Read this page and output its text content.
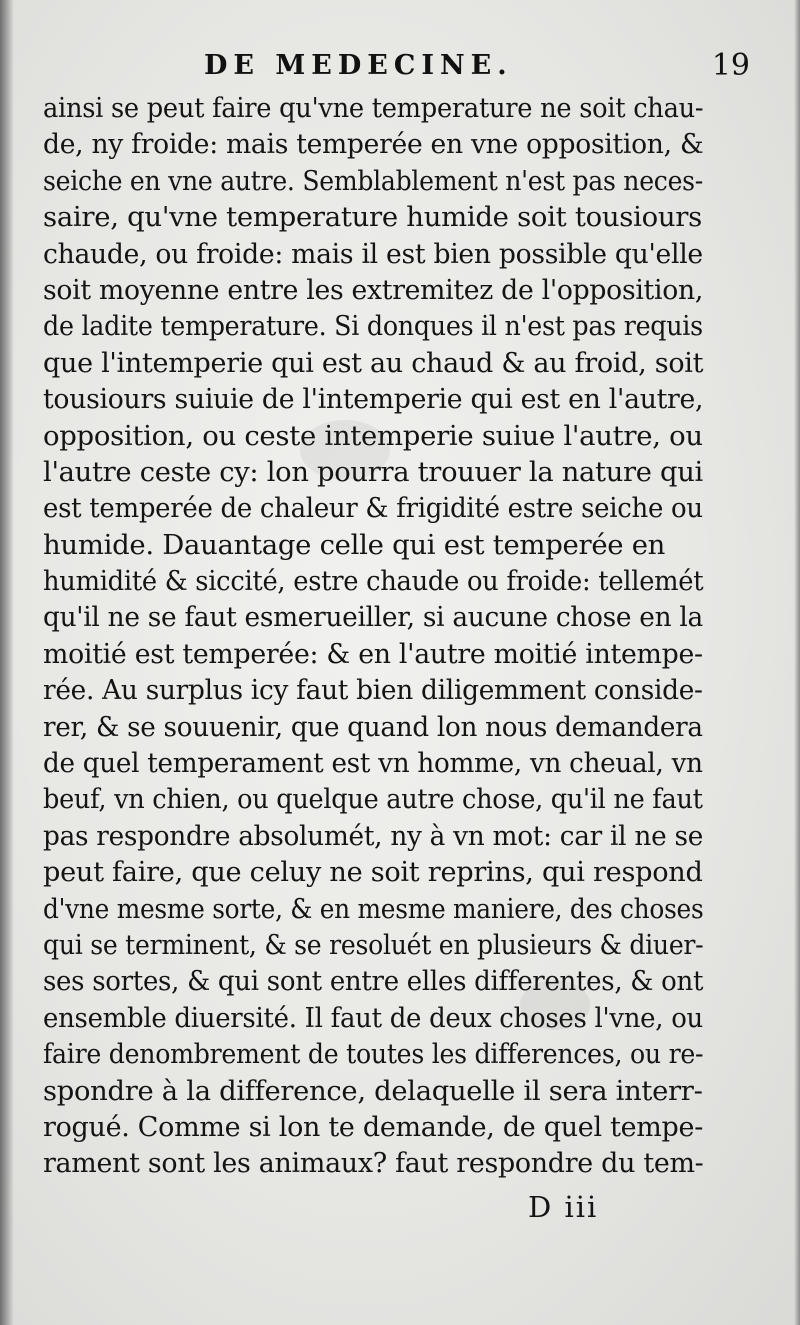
DE MEDECINE.	19
ainsi se peut faire qu'vne temperature ne soit chau-
de, ny froide: mais temperée en vne opposition, &
seiche en vne autre. Semblablement n'est pas neces-
saire, qu'vne temperature humide soit tousiours
chaude, ou froide: mais il est bien possible qu'elle
soit moyenne entre les extremitez de l'opposition,
de ladite temperature. Si donques il n'est pas requis
que l'intemperie qui est au chaud & au froid, soit
tousiours suiuie de l'intemperie qui est en l'autre,
opposition, ou ceste intemperie suiue l'autre, ou
l'autre ceste cy: lon pourra trouuer la nature qui
est temperée de chaleur & frigidité estre seiche ou
humide. Dauantage celle qui est temperée en
humidité & siccité, estre chaude ou froide: tellemét
qu'il ne se faut esmerueiller, si aucune chose en la
moitié est temperée: & en l'autre moitié intempe-
rée. Au surplus icy faut bien diligemment conside-
rer, & se souuenir, que quand lon nous demandera
de quel temperament est vn homme, vn cheual, vn
beuf, vn chien, ou quelque autre chose, qu'il ne faut
pas respondre absolumét, ny à vn mot: car il ne se
peut faire, que celuy ne soit reprins, qui respond
d'vne mesme sorte, & en mesme maniere, des choses
qui se terminent, & se resoluét en plusieurs & diuer-
ses sortes, & qui sont entre elles differentes, & ont
ensemble diuersité. Il faut de deux choses l'vne, ou
faire denombrement de toutes les differences, ou re-
spondre à la difference, delaquelle il sera interr-
rogué. Comme si lon te demande, de quel tempe-
rament sont les animaux? faut respondre du tem-
D iii
